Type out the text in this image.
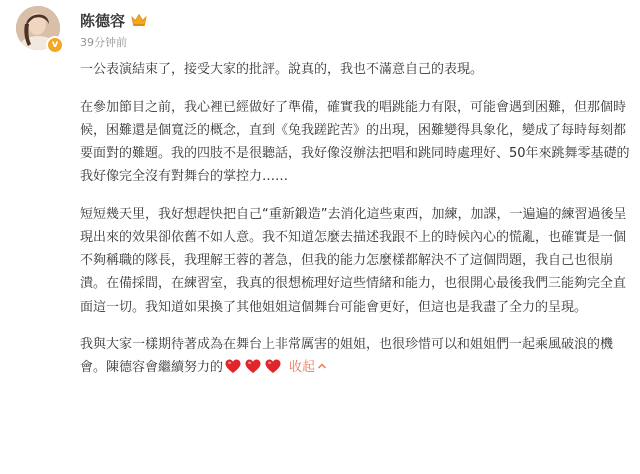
v
陈德容
39分钟前

一公表演結束了，接受大家的批評。說真的，我也不滿意自己的表現。

在參加節目之前，我心裡已經做好了準備，確實我的唱跳能力有限，可能會遇到困難，但那個時候，困難還是個寬泛的概念，直到《兔我蹉跎苦》的出現，困難變得具象化，變成了每時每刻都要面對的難題。我的四肢不是很聽話，我好像沒辦法把唱和跳同時處理好、50年來跳舞零基礎的我好像完全沒有對舞台的掌控力……

短短幾天里，我好想趕快把自己“重新鍛造”去消化這些東西，加練，加課，一遍遍的練習過後呈現出來的效果卻依舊不如人意。我不知道怎麼去描述我跟不上的時候內心的慌亂，也確實是一個不夠稱職的隊長，我理解王蓉的著急，但我的能力怎麼樣都解決不了這個問題，我自己也很崩潰。在備採間，在練習室，我真的很想梳理好這些情緒和能力，也很開心最後我們三能夠完全直面這一切。我知道如果換了其他姐姐這個舞台可能會更好，但這也是我盡了全力的呈現。

我與大家一樣期待著成為在舞台上非常厲害的姐姐，也很珍惜可以和姐姐們一起乘風破浪的機會。陳德容會繼續努力的	收起
